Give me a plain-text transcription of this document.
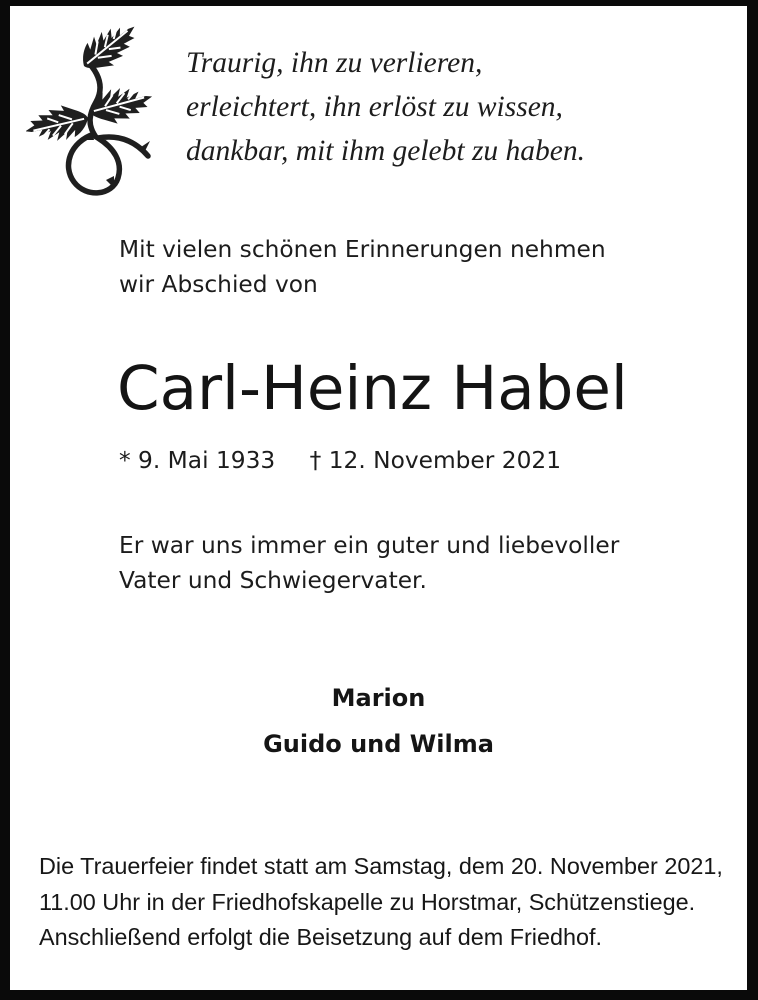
Traurig, ihn zu verlieren,
erleichtert, ihn erlöst zu wissen,
dankbar, mit ihm gelebt zu haben.
Mit vielen schönen Erinnerungen nehmen
wir Abschied von
Carl-Heinz Habel
* 9. Mai 1933 † 12. November 2021
Er war uns immer ein guter und liebevoller
Vater und Schwiegervater.
Marion
Guido und Wilma
Die Trauerfeier findet statt am Samstag, dem 20. November 2021,
11.00 Uhr in der Friedhofskapelle zu Horstmar, Schützenstiege.
Anschließend erfolgt die Beisetzung auf dem Friedhof.
